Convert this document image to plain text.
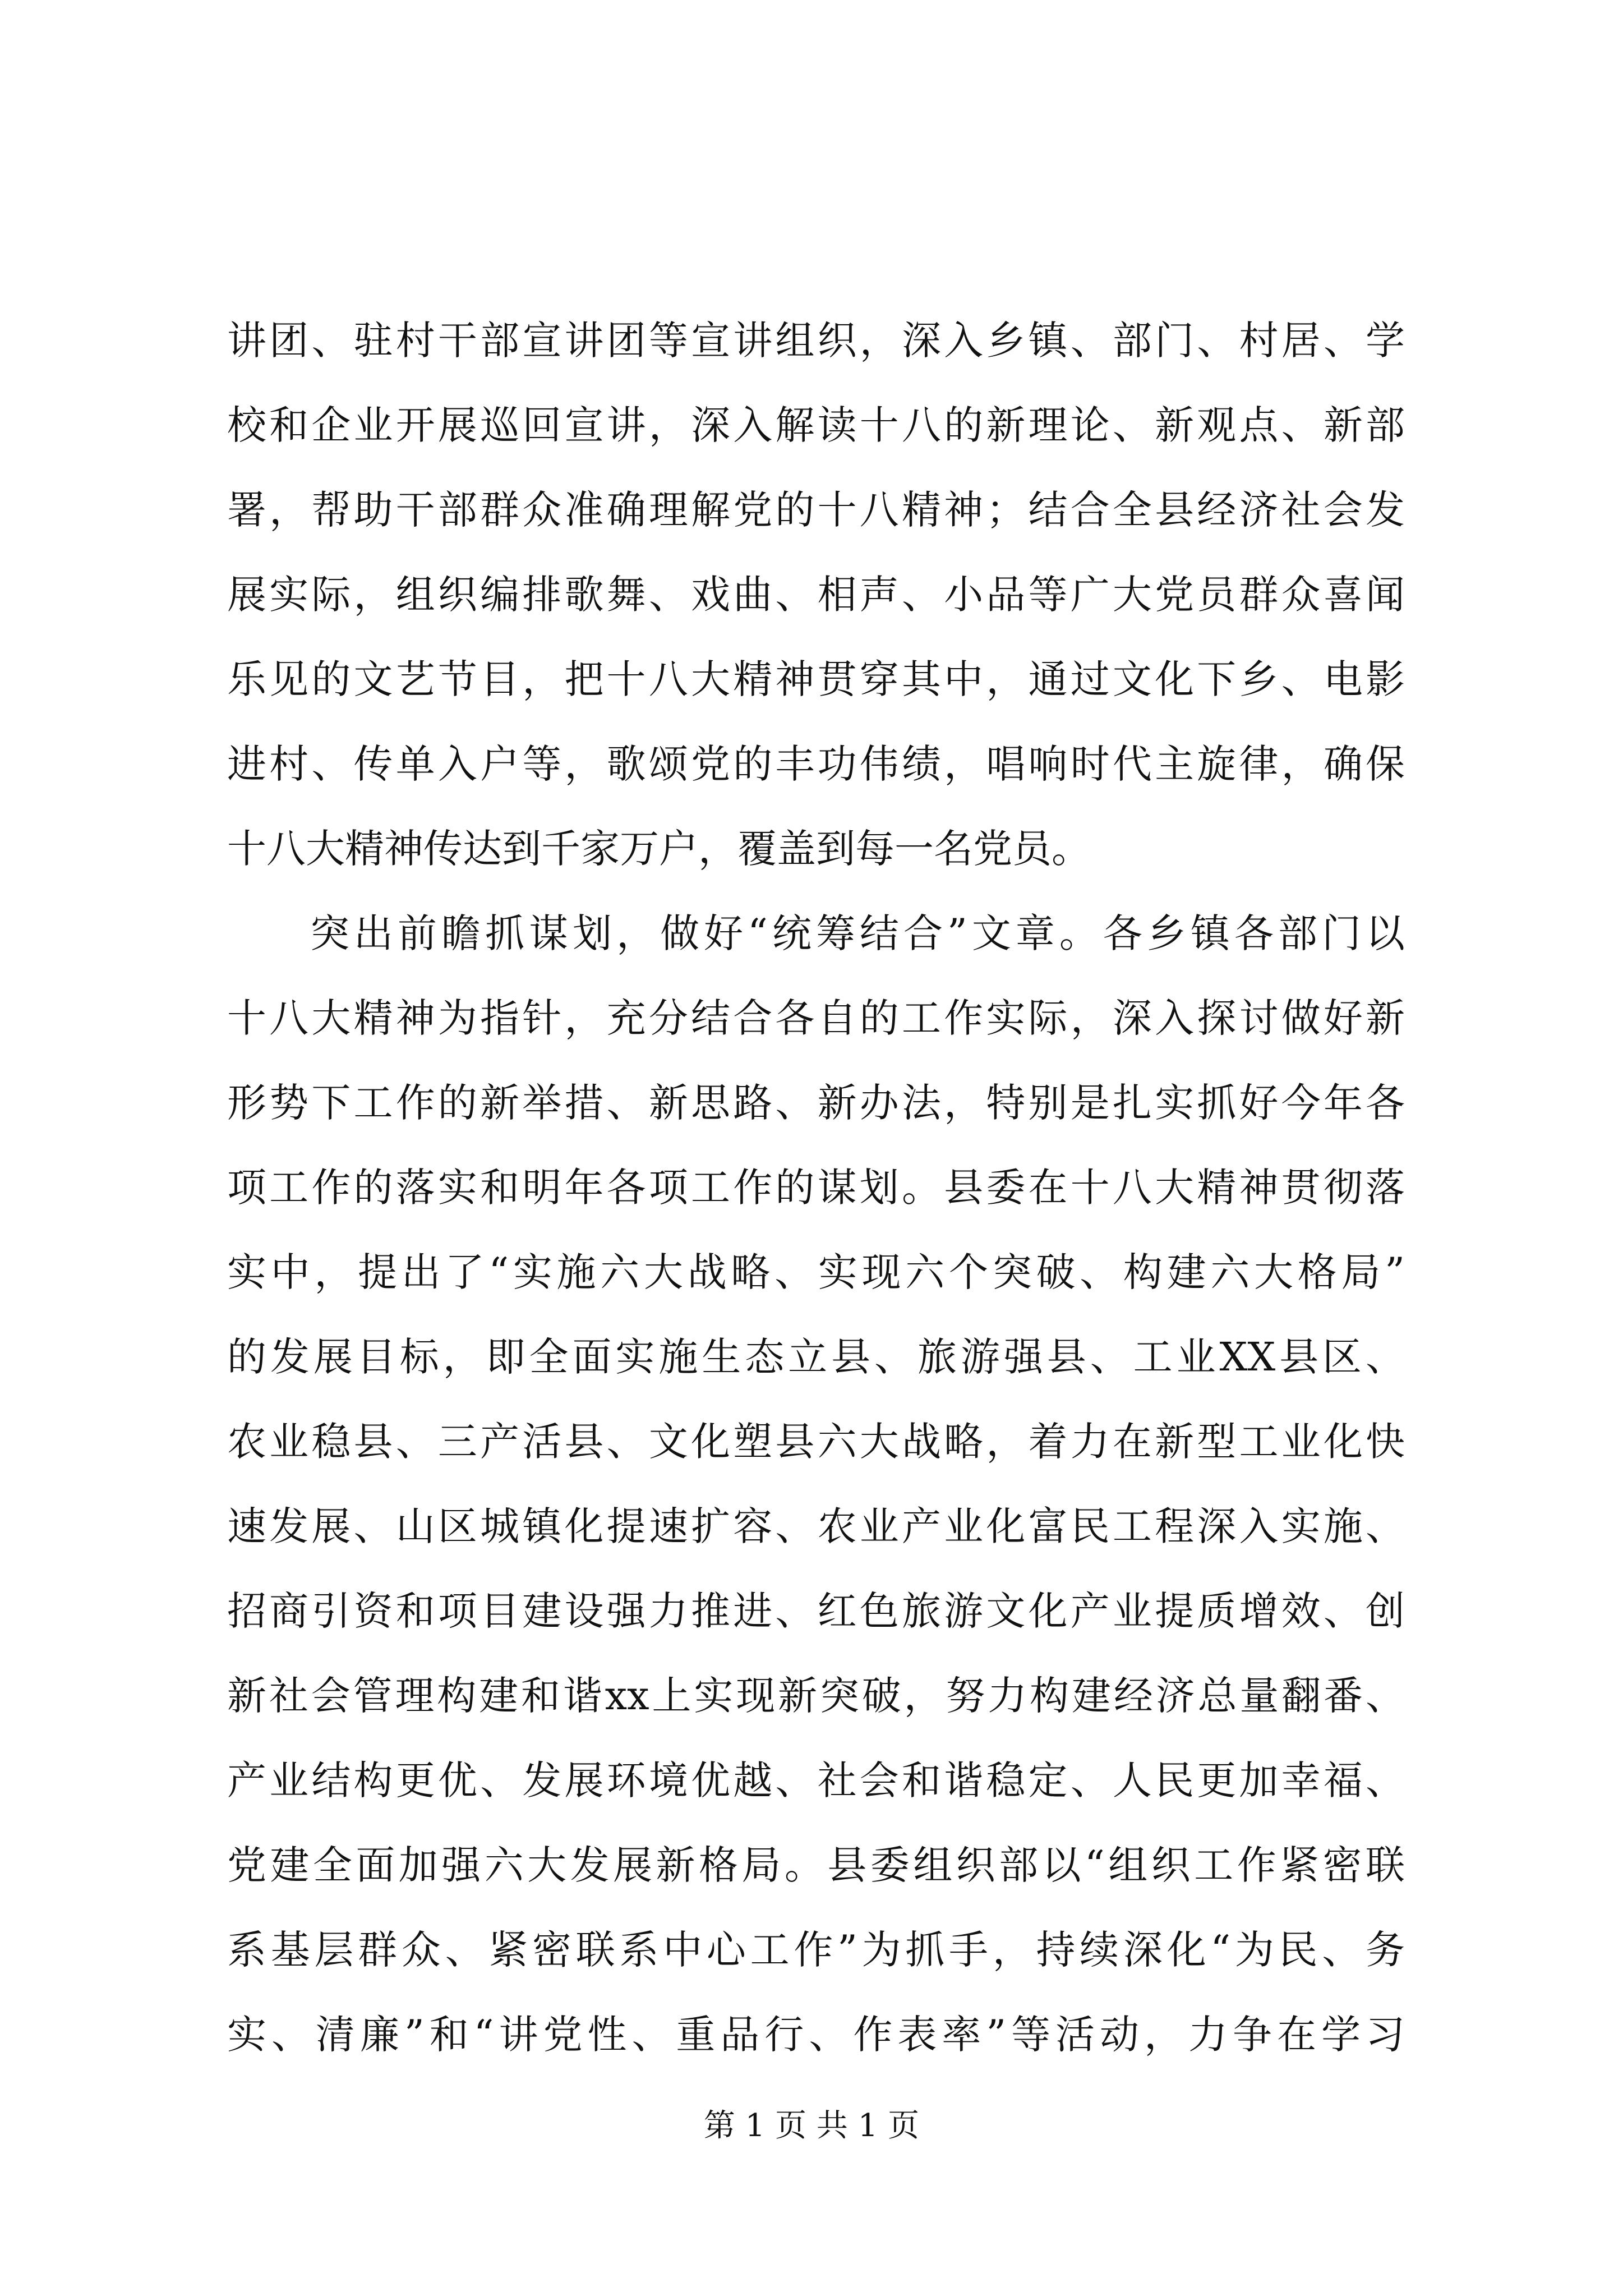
讲团、驻村干部宣讲团等宣讲组织，深入乡镇、部门、村居、学
校和企业开展巡回宣讲，深入解读十八的新理论、新观点、新部
署，帮助干部群众准确理解党的十八精神；结合全县经济社会发
展实际，组织编排歌舞、戏曲、相声、小品等广大党员群众喜闻
乐见的文艺节目，把十八大精神贯穿其中，通过文化下乡、电影
进村、传单入户等，歌颂党的丰功伟绩，唱响时代主旋律，确保
十八大精神传达到千家万户，覆盖到每一名党员。
突出前瞻抓谋划，做好“统筹结合”文章。各乡镇各部门以
十八大精神为指针，充分结合各自的工作实际，深入探讨做好新
形势下工作的新举措、新思路、新办法，特别是扎实抓好今年各
项工作的落实和明年各项工作的谋划。县委在十八大精神贯彻落
实中，提出了“实施六大战略、实现六个突破、构建六大格局”
的发展目标，即全面实施生态立县、旅游强县、工业XX县区、
农业稳县、三产活县、文化塑县六大战略，着力在新型工业化快
速发展、山区城镇化提速扩容、农业产业化富民工程深入实施、
招商引资和项目建设强力推进、红色旅游文化产业提质增效、创
新社会管理构建和谐xx上实现新突破，努力构建经济总量翻番、
产业结构更优、发展环境优越、社会和谐稳定、人民更加幸福、
党建全面加强六大发展新格局。县委组织部以“组织工作紧密联
系基层群众、紧密联系中心工作”为抓手，持续深化“为民、务
实、清廉”和“讲党性、重品行、作表率”等活动，力争在学习
第 1 页 共 1 页
